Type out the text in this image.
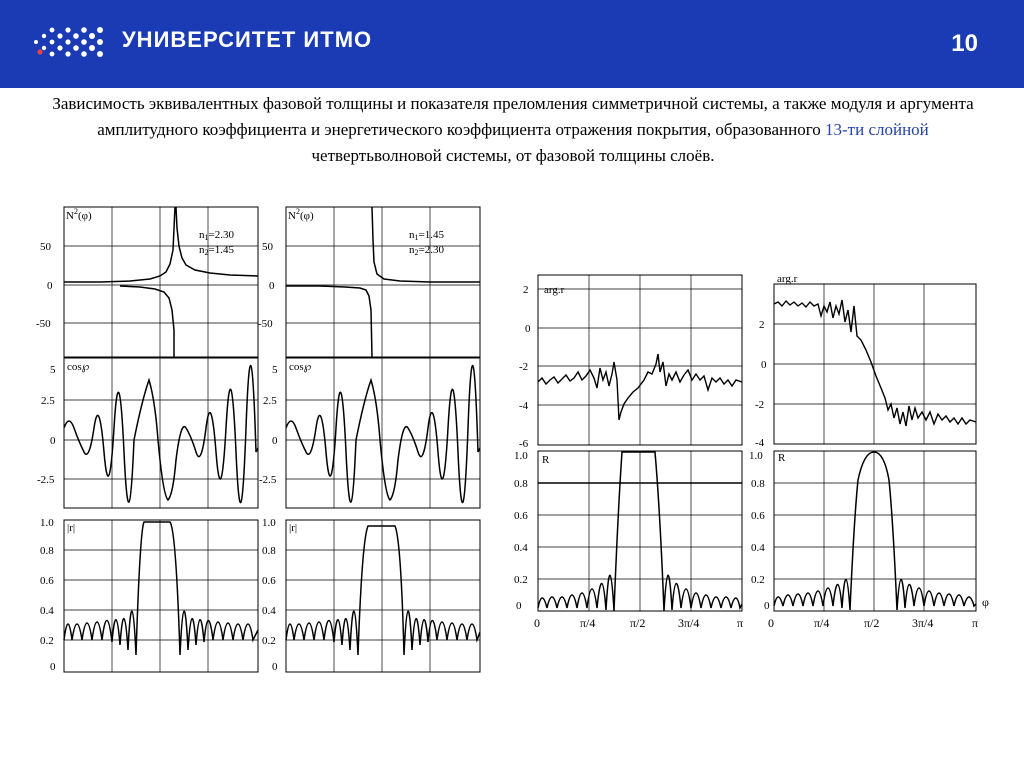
УНИВЕРСИТЕТ ИТМО	10
Зависимость эквивалентных фазовой толщины и показателя преломления симметричной системы, а также модуля и аргумента амплитудного коэффициента и энергетического коэффициента отражения покрытия, образованного 13-ти слойной четвертьволновой системы, от фазовой толщины слоёв.
$N^2(\varphi)$
n1=2.30
n2=1.45
50
0
-50
cos℘
5
2.5
0
-2.5
|r|
1.0
0.8
0.6
0.4
0.2
0
$N^2(\varphi)$
n1=1.45
n2=2.30
50
0
-50
cos℘
5
2.5
0
-2.5
|r|
1.0
0.8
0.6
0.4
0.2
0
arg.r
2
0
-2
-4
-6
R
1.0
0.8
0.6
0.4
0.2
0
0	π/4	π/2	3π/4	π
arg.r
2
0
-2
-4
R
1.0
0.8
0.6
0.4
0.2
0
0	π/4	π/2	3π/4	π
φ
